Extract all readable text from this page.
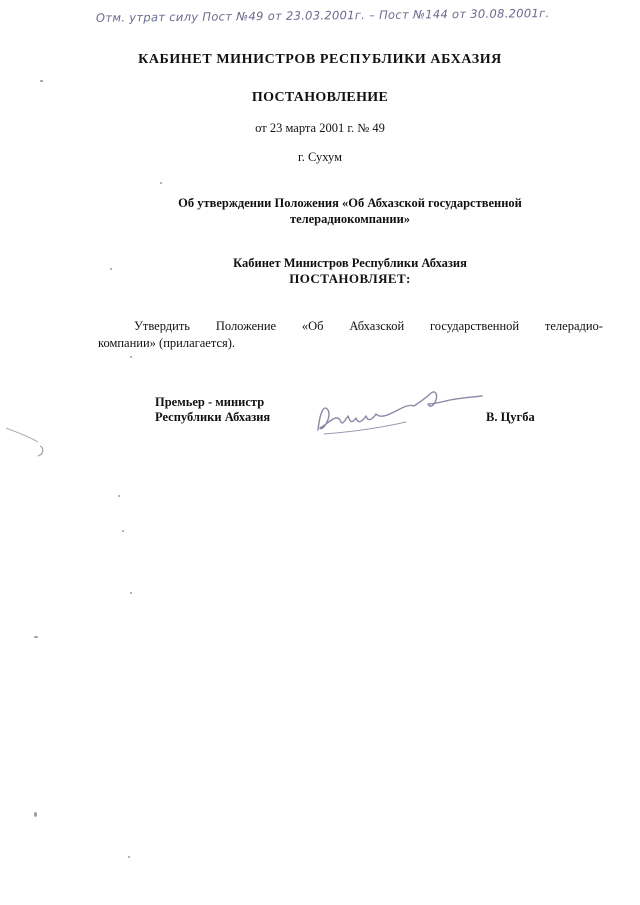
Отм. утрат силу Пост №49 от 23.03.2001г. – Пост №144 от 30.08.2001г.
КАБИНЕТ МИНИСТРОВ РЕСПУБЛИКИ АБХАЗИЯ
ПОСТАНОВЛЕНИЕ
от 23 марта 2001 г. № 49
г. Сухум
Об утверждении Положения «Об Абхазской государственной
телерадиокомпании»
Кабинет Министров Республики Абхазия
ПОСТАНОВЛЯЕТ:
Утвердить Положение «Об Абхазской государственной телерадио-
компании» (прилагается).
Премьер - министр
Республики Абхазия	В. Цугба
